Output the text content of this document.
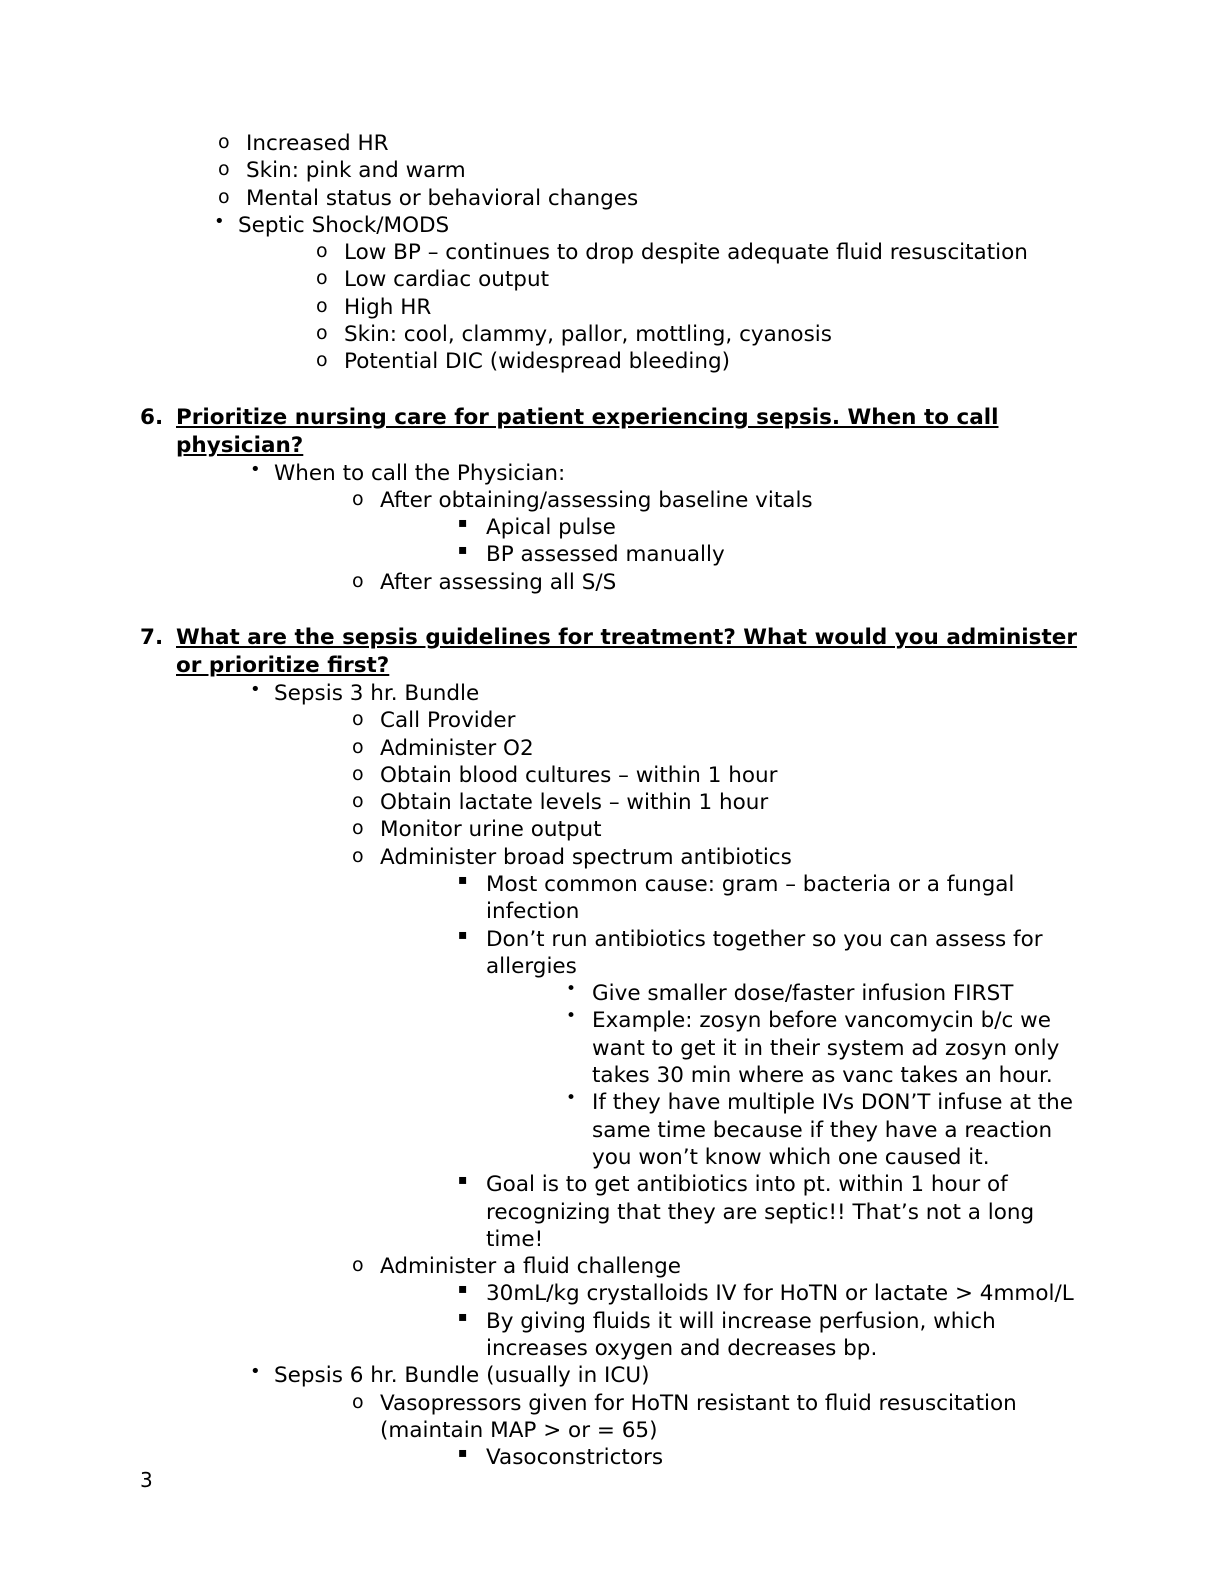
o Increased HR
o Skin: pink and warm
o Mental status or behavioral changes
• Septic Shock/MODS
o Low BP – continues to drop despite adequate fluid resuscitation
o Low cardiac output
o High HR
o Skin: cool, clammy, pallor, mottling, cyanosis
o Potential DIC (widespread bleeding)
6. Prioritize nursing care for patient experiencing sepsis. When to call physician?
• When to call the Physician:
o After obtaining/assessing baseline vitals
▪ Apical pulse
▪ BP assessed manually
o After assessing all S/S
7. What are the sepsis guidelines for treatment? What would you administer or prioritize first?
• Sepsis 3 hr. Bundle
o Call Provider
o Administer O2
o Obtain blood cultures – within 1 hour
o Obtain lactate levels – within 1 hour
o Monitor urine output
o Administer broad spectrum antibiotics
▪ Most common cause: gram – bacteria or a fungal infection
▪ Don’t run antibiotics together so you can assess for allergies
• Give smaller dose/faster infusion FIRST
• Example: zosyn before vancomycin b/c we want to get it in their system ad zosyn only takes 30 min where as vanc takes an hour.
• If they have multiple IVs DON’T infuse at the same time because if they have a reaction you won’t know which one caused it.
▪ Goal is to get antibiotics into pt. within 1 hour of recognizing that they are septic!! That’s not a long time!
o Administer a fluid challenge
▪ 30mL/kg crystalloids IV for HoTN or lactate > 4mmol/L
▪ By giving fluids it will increase perfusion, which increases oxygen and decreases bp.
• Sepsis 6 hr. Bundle (usually in ICU)
o Vasopressors given for HoTN resistant to fluid resuscitation (maintain MAP > or = 65)
▪ Vasoconstrictors
3
